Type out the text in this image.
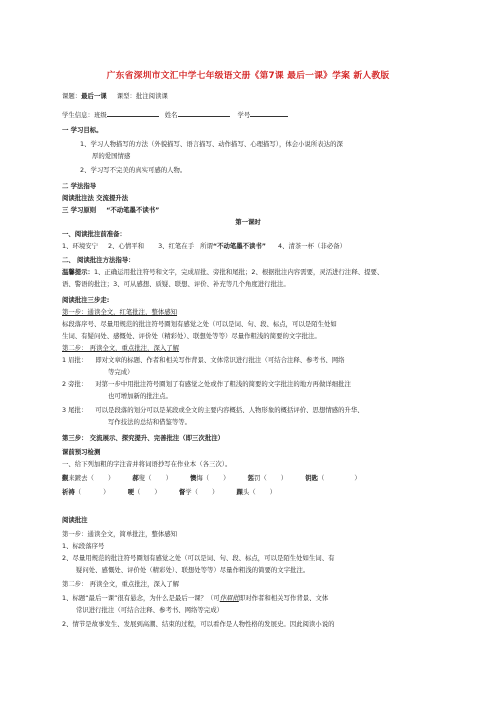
广东省深圳市文汇中学七年级语文册《第7课 最后一课》学案 新人教版
课题：最后一课 课型：批注阅读课
学生信息：班级	姓名	学号
一 学习目标。
1、学习人物描写的方法（外貌描写、语言描写、动作描写、心理描写），体会小说所表达的深
厚的爱国情感
2、学习写不完美的真实可感的人物。
二 学法指导
阅读批注法 交流提升法
三 学习原则 “不动笔墨不读书”
第一课时
一、阅读批注前准备：
1、环境安宁 2、心情平和 3、红笔在手 所谓“不动笔墨不读书” 4、清茶一杯（非必备）
二、 阅读批注方法指导：
温馨提示：1、正确运用批注符号和文字，完成眉批、旁批和尾批；2、根据批注内容需要，灵活进行注释、提要、
语、警语的批注；3、可从感想、质疑、联想、评价、补充等几个角度进行批注。
阅读批注三步走:
第一步：通读全文，红笔批注，整体感知
标段落序号、尽量用规范的批注符号圈划有感觉之处（可以是词、句、段、标点，可以是陌生处如
生词、有疑问处、感慨处、评价处（精彩处）、联想处等等）尽量作粗浅的简要的文字批注。
第二步： 再读全文，重点批注，深入了解
1 眉批： 即对文章的标题、作者和相关写作背景、文体常识进行批注（可结合注释、参考书、网络
等完成）
2 旁批： 对第一步中用批注符号圈划了有感觉之处或作了粗浅的简要的文字批注的地方再做详细批注
也可增加新的批注点。
3 尾批： 可以是段落的划分可以是某段或全文的主要内容概括、人物形象的概括评价、思想情感的升华、
写作技法的总结和借鉴等等。
第三步： 交流展示、探究提升、完善批注（即三次批注）
课前预习检测
一、给下列加粗的字注音并将词语抄写在作业本（各三次）。
觐来踱去（ ）	郝叟（ ）	懊悔（ ）	惩罚（ ）	钥匙（	）
祈祷（	）	哽（ ）	督学（ ）	踝头（ ）
阅读批注
第一步：通读全文，简单批注，整体感知
1、标段落序号
2、尽量用规范的批注符号圈划有感觉之处（可以是词、句、段、标点，可以是陌生处如生词、有
疑问处、感慨处、评价处（精彩处）、联想处等等）尽量作粗浅的简要的文字批注。
第二步： 再读全文，重点批注，深入了解
1、标题“最后一课”很有悬念，为什么是最后一课？（可作眉批即对作者和相关写作背景、文体
常识进行批注（可结合注释、参考书、网络等完成）
2、情节是故事发生、发展到高潮、结束的过程，可以看作是人物性格的发展史。因此阅读小说的
